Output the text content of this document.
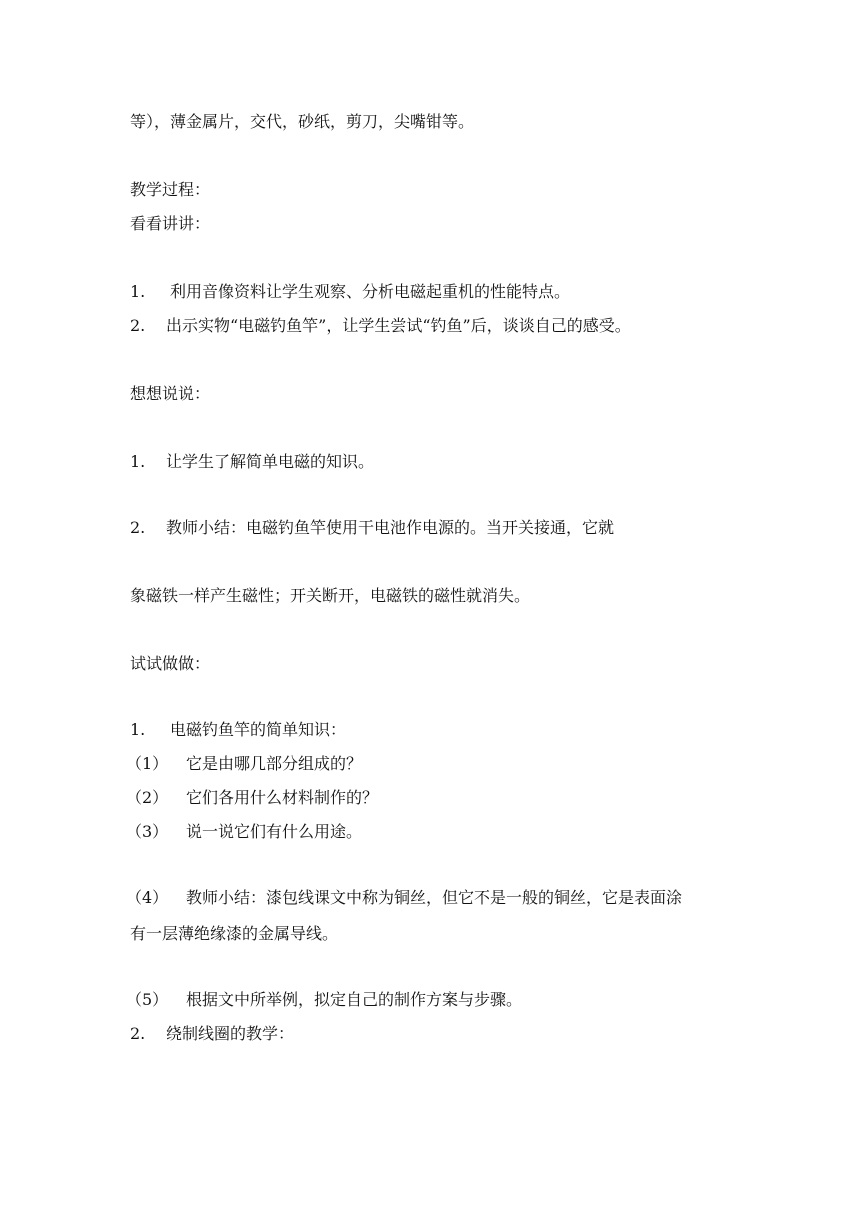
等），薄金属片，交代，砂纸，剪刀，尖嘴钳等。
教学过程：
看看讲讲：
1. 利用音像资料让学生观察、分析电磁起重机的性能特点。
2. 出示实物“电磁钓鱼竿”，让学生尝试“钓鱼”后，谈谈自己的感受。
想想说说：
1. 让学生了解简单电磁的知识。
2. 教师小结：电磁钓鱼竿使用干电池作电源的。当开关接通，它就
象磁铁一样产生磁性；开关断开，电磁铁的磁性就消失。
试试做做：
1. 电磁钓鱼竿的简单知识：
（1） 它是由哪几部分组成的？
（2） 它们各用什么材料制作的？
（3） 说一说它们有什么用途。
（4） 教师小结：漆包线课文中称为铜丝，但它不是一般的铜丝，它是表面涂
有一层薄绝缘漆的金属导线。
（5） 根据文中所举例，拟定自己的制作方案与步骤。
2. 绕制线圈的教学：
